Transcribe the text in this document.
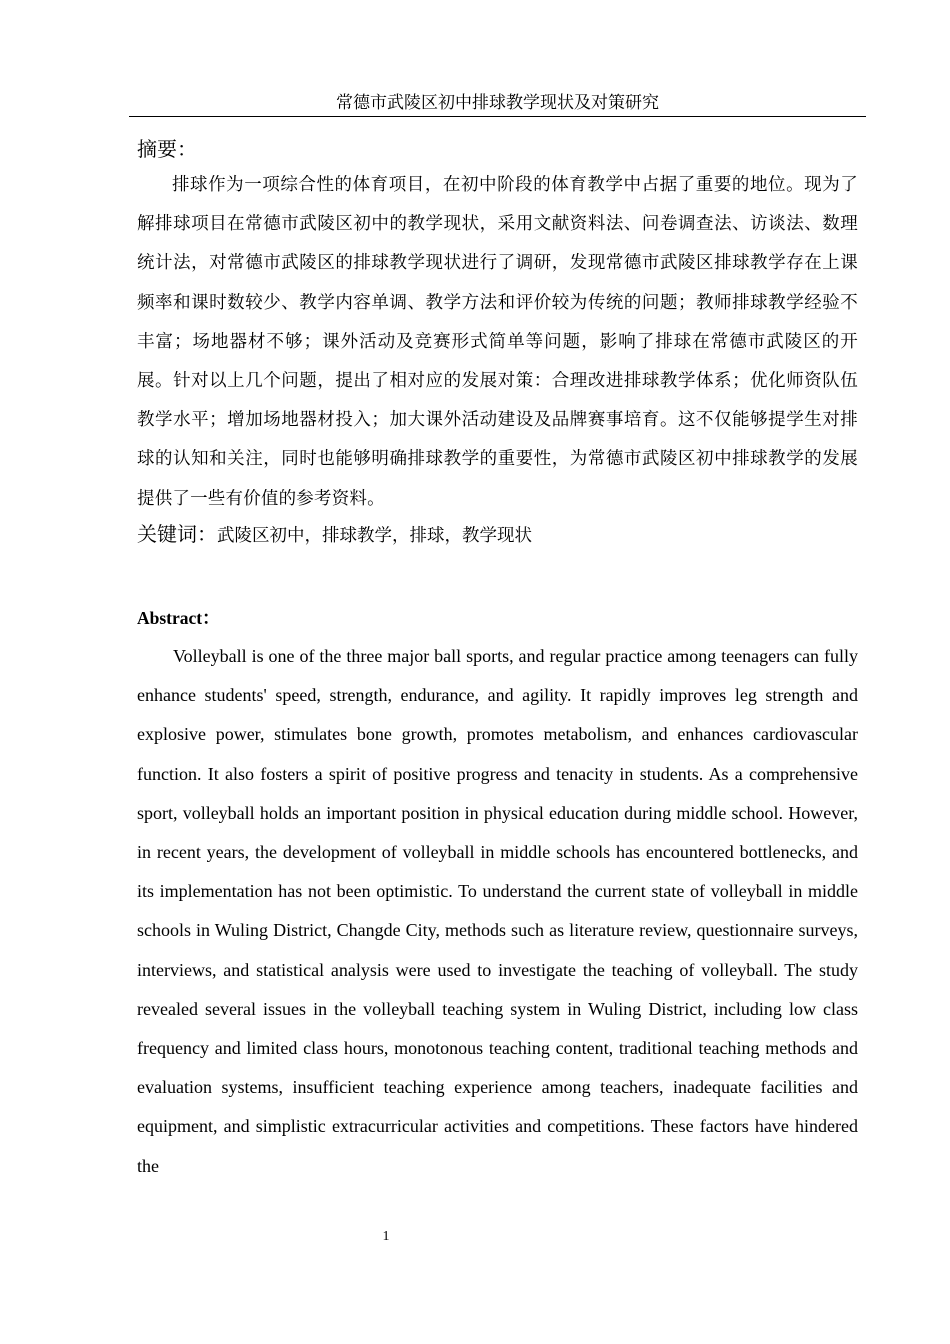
常德市武陵区初中排球教学现状及对策研究

摘要：

排球作为一项综合性的体育项目，在初中阶段的体育教学中占据了重要的地位。现为了解排球项目在常德市武陵区初中的教学现状，采用文献资料法、问卷调查法、访谈法、数理统计法，对常德市武陵区的排球教学现状进行了调研，发现常德市武陵区排球教学存在上课频率和课时数较少、教学内容单调、教学方法和评价较为传统的问题；教师排球教学经验不丰富；场地器材不够；课外活动及竞赛形式简单等问题，影响了排球在常德市武陵区的开展。针对以上几个问题，提出了相对应的发展对策：合理改进排球教学体系；优化师资队伍教学水平；增加场地器材投入；加大课外活动建设及品牌赛事培育。这不仅能够提学生对排球的认知和关注，同时也能够明确排球教学的重要性，为常德市武陵区初中排球教学的发展提供了一些有价值的参考资料。

关键词：武陵区初中，排球教学，排球，教学现状

Abstract：

Volleyball is one of the three major ball sports, and regular practice among teenagers can fully enhance students' speed, strength, endurance, and agility. It rapidly improves leg strength and explosive power, stimulates bone growth, promotes metabolism, and enhances cardiovascular function. It also fosters a spirit of positive progress and tenacity in students. As a comprehensive sport, volleyball holds an important position in physical education during middle school. However, in recent years, the development of volleyball in middle schools has encountered bottlenecks, and its implementation has not been optimistic. To understand the current state of volleyball in middle schools in Wuling District, Changde City, methods such as literature review, questionnaire surveys, interviews, and statistical analysis were used to investigate the teaching of volleyball. The study revealed several issues in the volleyball teaching system in Wuling District, including low class frequency and limited class hours, monotonous teaching content, traditional teaching methods and evaluation systems, insufficient teaching experience among teachers, inadequate facilities and equipment, and simplistic extracurricular activities and competitions. These factors have hindered the

1
